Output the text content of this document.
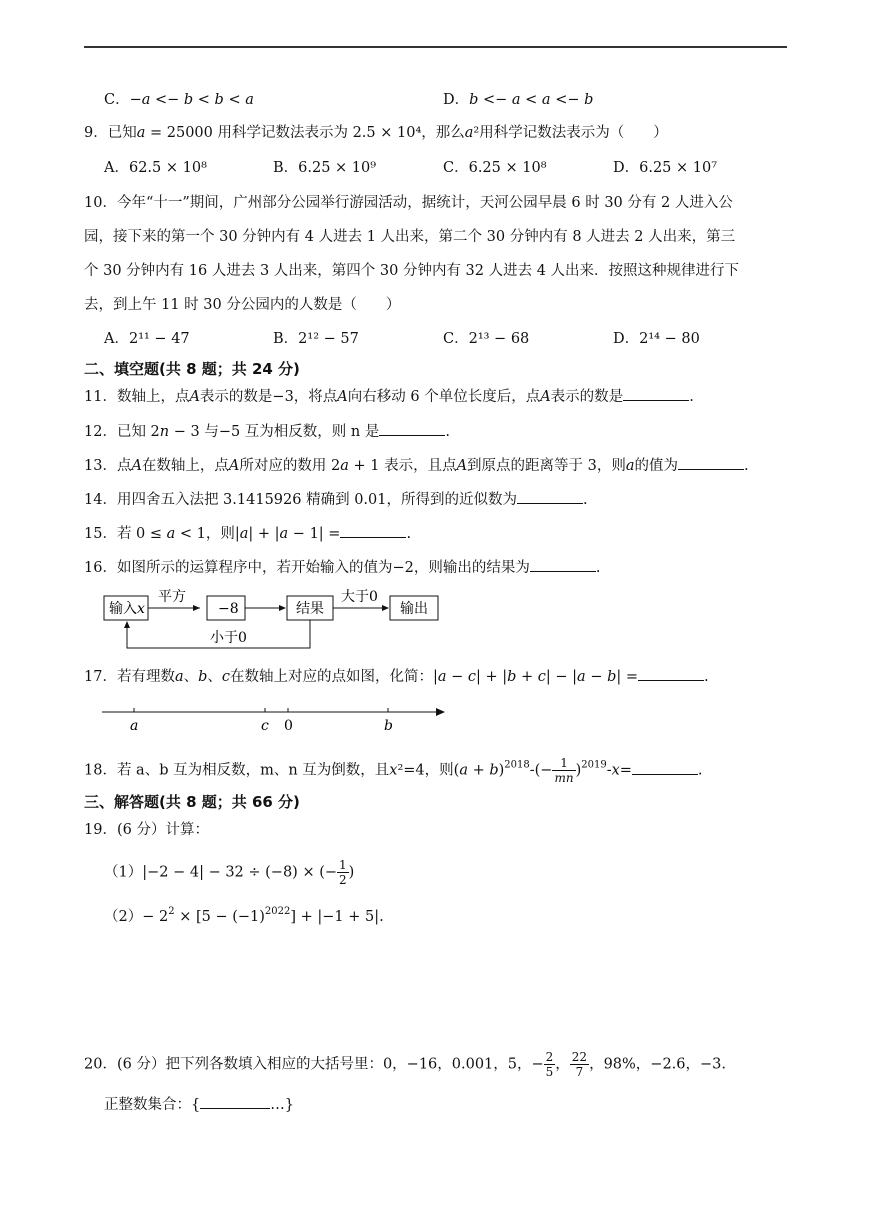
C．−𝑎 <− 𝑏 < 𝑏 < 𝑎	D．𝑏 <− 𝑎 < 𝑎 <− 𝑏
9．已知𝑎 = 25000 用科学记数法表示为 2.5 × 10⁴，那么𝑎²用科学记数法表示为（　　）
A．62.5 × 10⁸	B．6.25 × 10⁹	C．6.25 × 10⁸	D．6.25 × 10⁷
10．今年“十一”期间，广州部分公园举行游园活动，据统计，天河公园早晨 6 时 30 分有 2 人进入公
园，接下来的第一个 30 分钟内有 4 人进去 1 人出来，第二个 30 分钟内有 8 人进去 2 人出来，第三
个 30 分钟内有 16 人进去 3 人出来，第四个 30 分钟内有 32 人进去 4 人出来．按照这种规律进行下
去，到上午 11 时 30 分公园内的人数是（　　）
A．2¹¹ − 47	B．2¹² − 57	C．2¹³ − 68	D．2¹⁴ − 80
二、填空题(共 8 题；共 24 分)
11．数轴上，点𝐴表示的数是−3，将点𝐴向右移动 6 个单位长度后，点𝐴表示的数是	.
12．已知 2𝑛 − 3 与−5 互为相反数，则 n 是	.
13．点𝐴在数轴上，点𝐴所对应的数用 2𝑎 + 1 表示，且点𝐴到原点的距离等于 3，则𝑎的值为	.
14．用四舍五入法把 3.1415926 精确到 0.01，所得到的近似数为	.
15．若 0 ≤ 𝑎 < 1，则|𝑎| + |𝑎 − 1| =	.
16．如图所示的运算程序中，若开始输入的值为−2，则输出的结果为	.
输入𝑥
平方
−8	结果
大于0
输出
小于0
17．若有理数𝑎、𝑏、𝑐在数轴上对应的点如图，化简：|𝑎 − 𝑐| + |𝑏 + 𝑐| − |𝑎 − 𝑏| =	.
𝑎	𝑐 0	𝑏
18．若 a、b 互为相反数，m、n 互为倒数，且𝑥²=4，则(𝑎 + 𝑏)$^{2018}$-(− $\frac{1}{\text{𝑚𝑛}}$ )$^{2019}$-𝑥=	.
三、解答题(共 8 题；共 66 分)
19．(6 分）计算：
（1）|−2 − 4| − 32 ÷ (−8) × (− $\frac{1}{2}$ )
$(2)- 2^2 \times [5 - (-1)^{2022}] + |-1 + 5|$.
20．(6 分）把下列各数填入相应的大括号里：0，−16，0.001，5，− $\frac{2}{5}$ ， $\frac{22}{7}$ ，98%，−2.6，−3.
正整数集合：{	…}
